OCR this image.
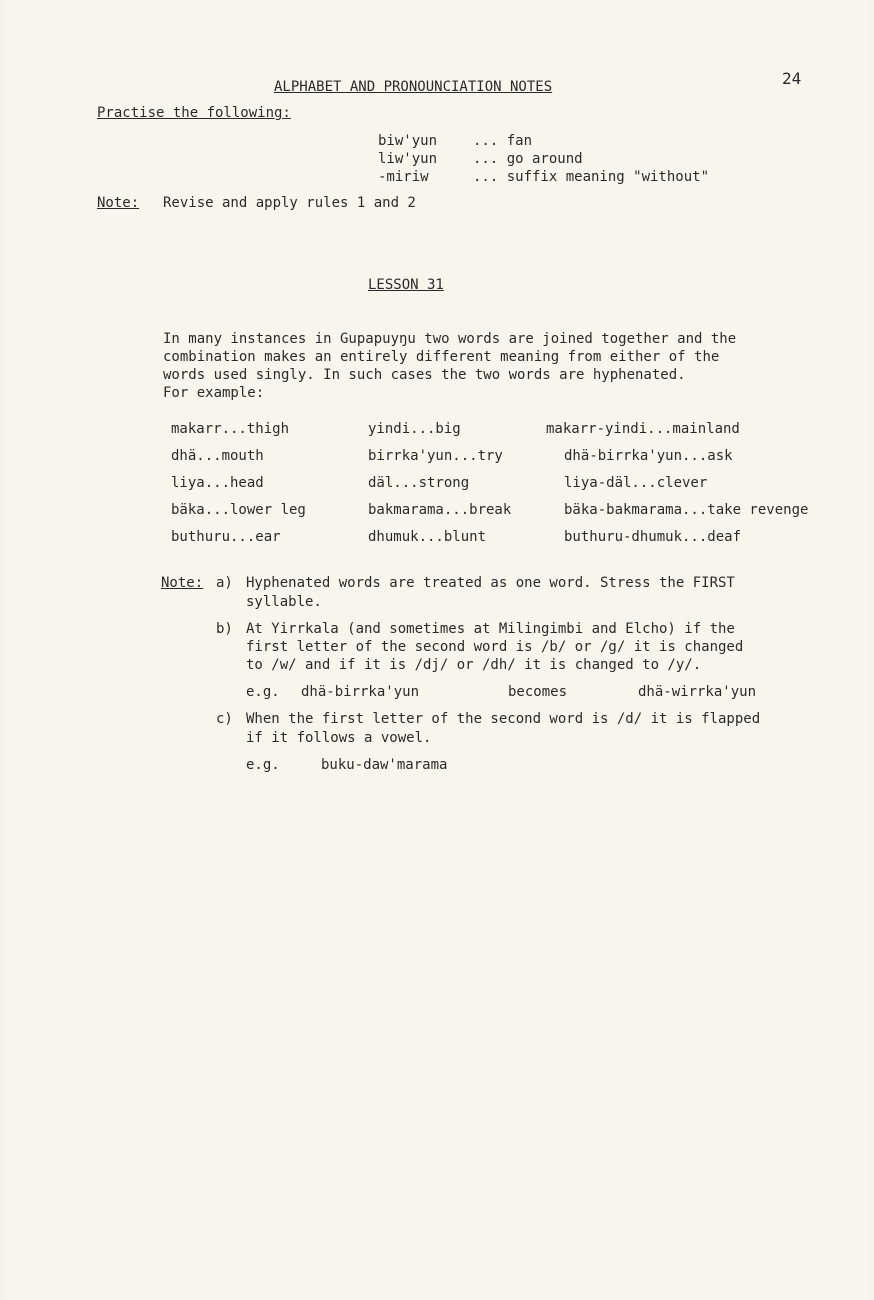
ALPHABET AND PRONOUNCIATION NOTES	24
Practise the following:
biw'yun	... fan
liw'yun	... go around
-miriw	... suffix meaning "without"
Note: Revise and apply rules 1 and 2
LESSON 31
In many instances in Gupapuyŋu two words are joined together and the
combination makes an entirely different meaning from either of the
words used singly. In such cases the two words are hyphenated.
For example:
makarr...thigh	yindi...big	makarr-yindi...mainland
dhä...mouth	birrka'yun...try	dhä-birrka'yun...ask
liya...head	däl...strong	liya-däl...clever
bäka...lower leg	bakmarama...break	bäka-bakmarama...take revenge
buthuru...ear	dhumuk...blunt	buthuru-dhumuk...deaf
Note: a) Hyphenated words are treated as one word. Stress the FIRST
syllable.
b) At Yirrkala (and sometimes at Milingimbi and Elcho) if the
first letter of the second word is /b/ or /g/ it is changed
to /w/ and if it is /dj/ or /dh/ it is changed to /y/.
e.g. dhä-birrka'yun	becomes	dhä-wirrka'yun
c) When the first letter of the second word is /d/ it is flapped
if it follows a vowel.
e.g.	buku-daw'marama
